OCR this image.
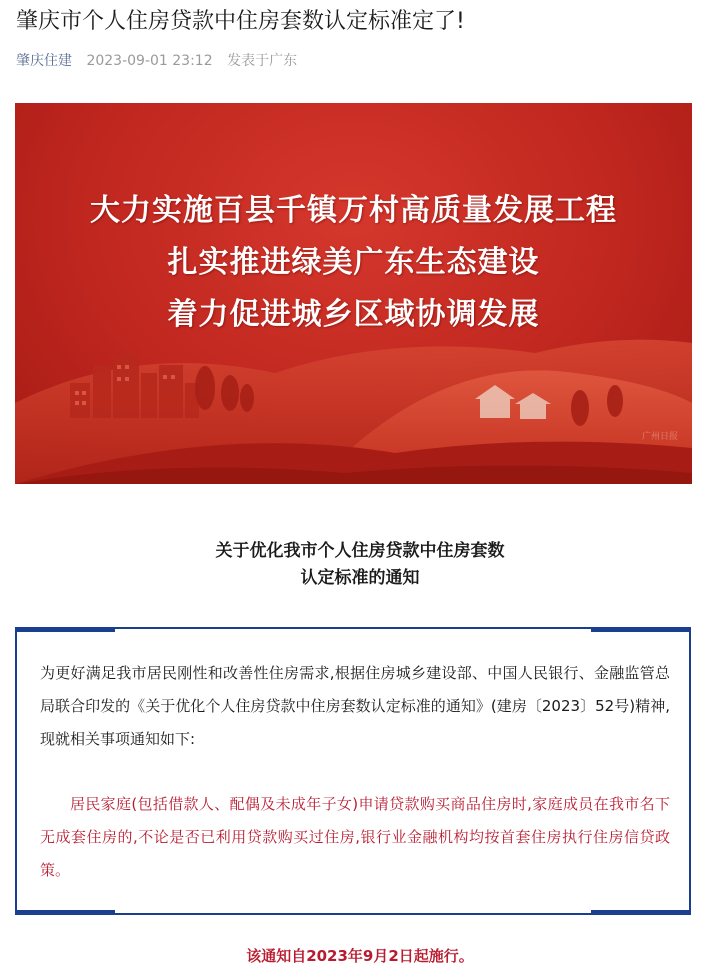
肇庆市个人住房贷款中住房套数认定标准定了!
肇庆住建 2023-09-01 23:12 发表于广东
大力实施百县千镇万村高质量发展工程
扎实推进绿美广东生态建设
着力促进城乡区域协调发展
广州日报
关于优化我市个人住房贷款中住房套数
认定标准的通知

为更好满足我市居民刚性和改善性住房需求,根据住房城乡建设部、中国人民银行、金融监管总局联合印发的《关于优化个人住房贷款中住房套数认定标准的通知》(建房〔2023〕52号)精神,现就相关事项通知如下:

居民家庭(包括借款人、配偶及未成年子女)申请贷款购买商品住房时,家庭成员在我市名下无成套住房的,不论是否已利用贷款购买过住房,银行业金融机构均按首套住房执行住房信贷政策。

该通知自2023年9月2日起施行。
